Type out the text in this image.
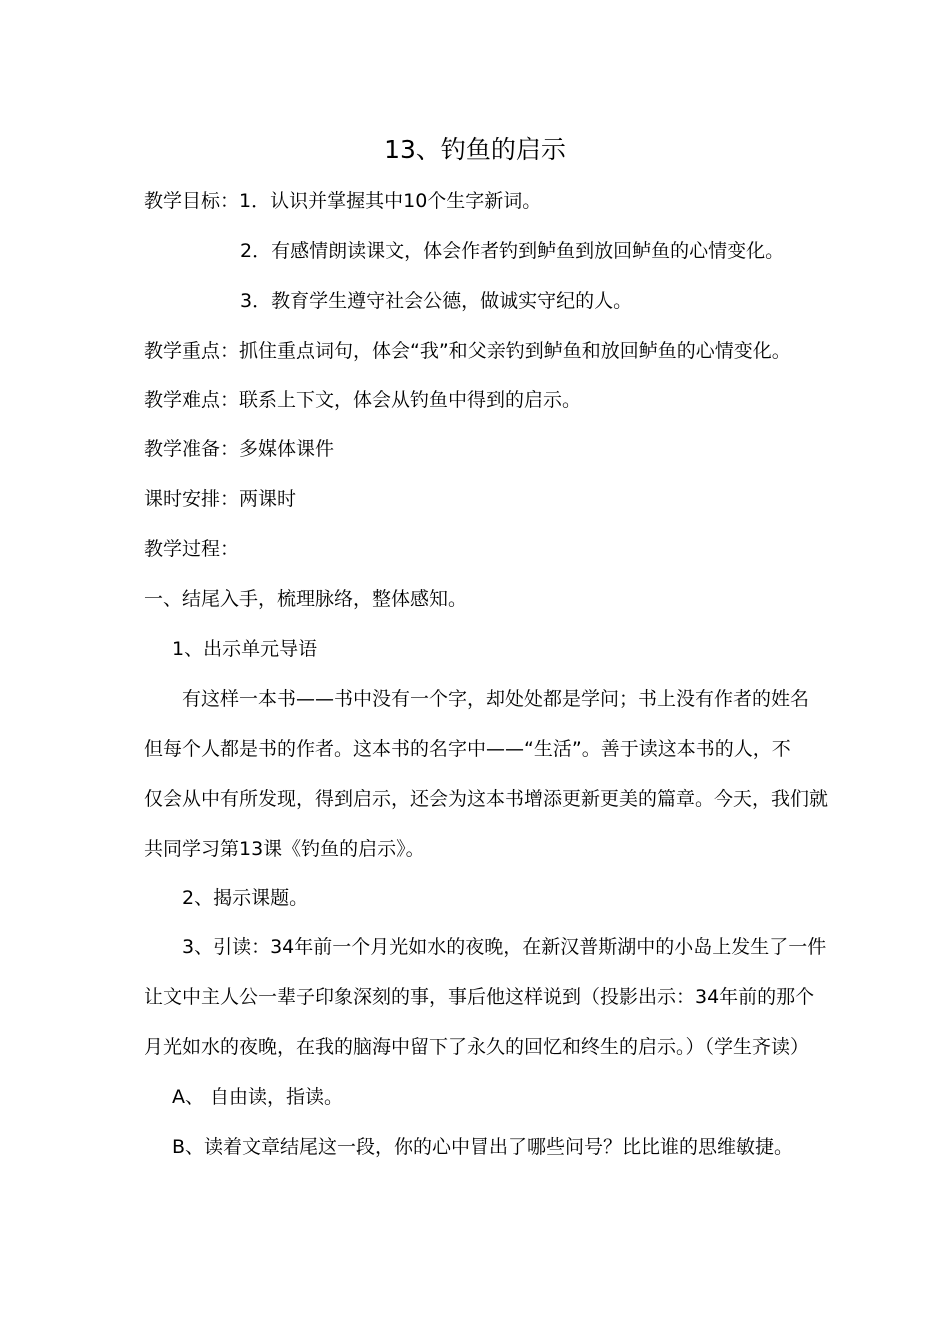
13、钓鱼的启示
教学目标：1．认识并掌握其中10个生字新词。
2．有感情朗读课文，体会作者钓到鲈鱼到放回鲈鱼的心情变化。
3．教育学生遵守社会公德，做诚实守纪的人。
教学重点：抓住重点词句，体会“我”和父亲钓到鲈鱼和放回鲈鱼的心情变化。
教学难点：联系上下文，体会从钓鱼中得到的启示。
教学准备：多媒体课件
课时安排：两课时
教学过程：
一、结尾入手，梳理脉络，整体感知。
1、出示单元导语
有这样一本书——书中没有一个字，却处处都是学问；书上没有作者的姓名
但每个人都是书的作者。这本书的名字中——“生活”。善于读这本书的人，不
仅会从中有所发现，得到启示，还会为这本书增添更新更美的篇章。今天，我们就
共同学习第13课《钓鱼的启示》。
2、揭示课题。
3、引读：34年前一个月光如水的夜晚，在新汉普斯湖中的小岛上发生了一件
让文中主人公一辈子印象深刻的事，事后他这样说到（投影出示：34年前的那个
月光如水的夜晚，在我的脑海中留下了永久的回忆和终生的启示。）（学生齐读）
A、 自由读，指读。
B、读着文章结尾这一段，你的心中冒出了哪些问号？比比谁的思维敏捷。
